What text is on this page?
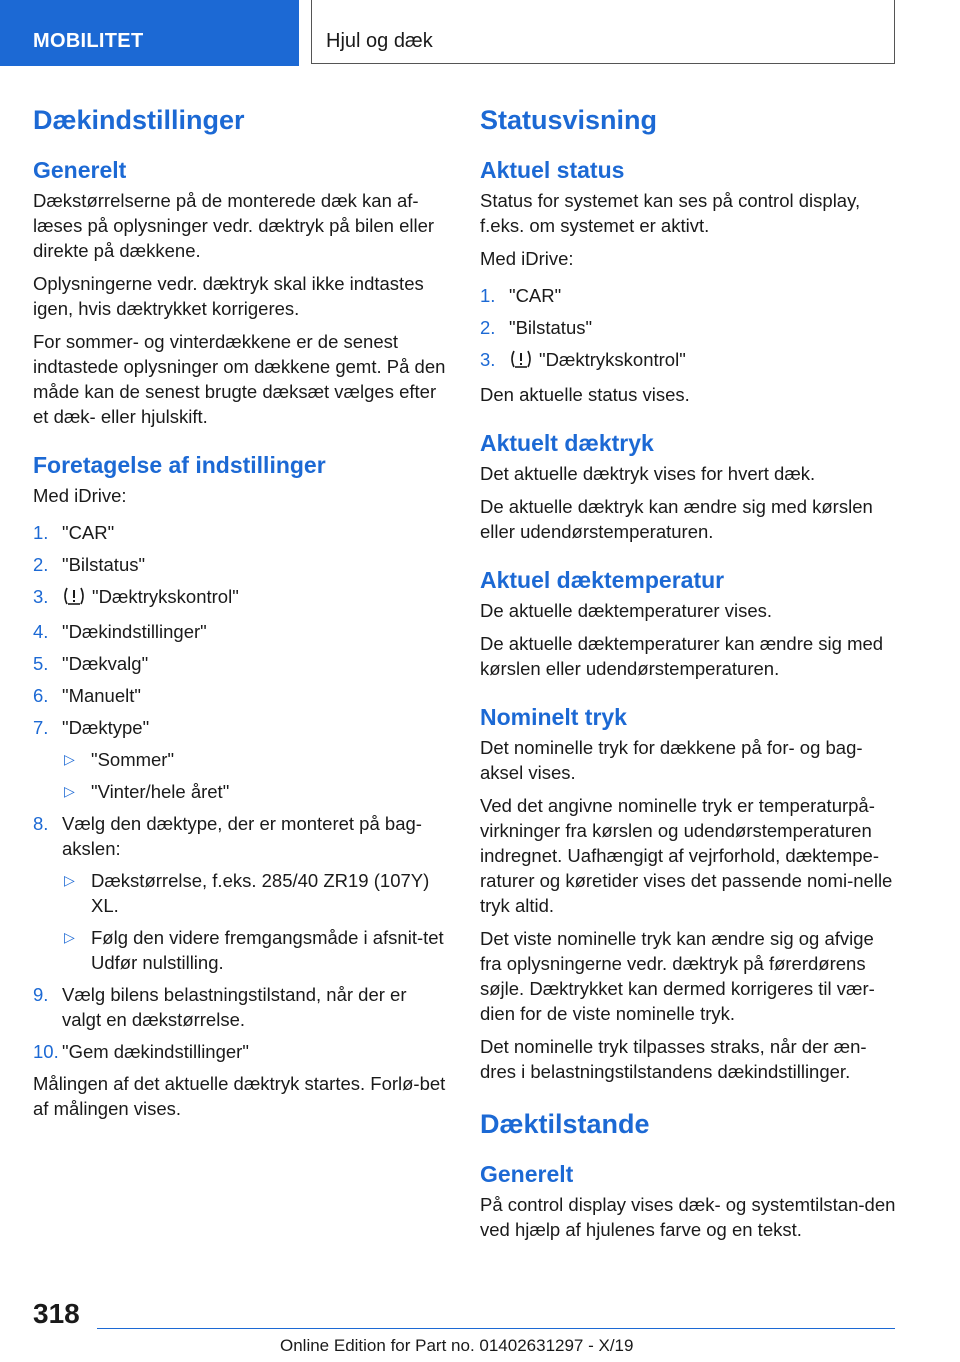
MOBILITET	Hjul og dæk
Dækindstillinger
Generelt

Dækstørrelserne på de monterede dæk kan af-læses på oplysninger vedr. dæktryk på bilen eller direkte på dækkene.

Oplysningerne vedr. dæktryk skal ikke indtastes igen, hvis dæktrykket korrigeres.

For sommer- og vinterdækkene er de senest indtastede oplysninger om dækkene gemt. På den måde kan de senest brugte dæksæt vælges efter et dæk- eller hjulskift.

Foretagelse af indstillinger

Med iDrive:

1. "CAR"
2. "Bilstatus"
3. "Dæktrykskontrol"
4. "Dækindstillinger"
5. "Dækvalg"
6. "Manuelt"
7. "Dæktype"
▷ "Sommer"
▷ "Vinter/hele året"
8. Vælg den dæktype, der er monteret på bag-akslen:
▷ Dækstørrelse, f.eks. 285/40 ZR19 (107Y) XL.
▷ Følg den videre fremgangsmåde i afsnit-tet Udfør nulstilling.
9. Vælg bilens belastningstilstand, når der er valgt en dækstørrelse.
10. "Gem dækindstillinger"

Målingen af det aktuelle dæktryk startes. Forlø-bet af målingen vises.

Statusvisning
Aktuel status

Status for systemet kan ses på control display, f.eks. om systemet er aktivt.

Med iDrive:

1. "CAR"
2. "Bilstatus"
3. "Dæktrykskontrol"

Den aktuelle status vises.

Aktuelt dæktryk

Det aktuelle dæktryk vises for hvert dæk.

De aktuelle dæktryk kan ændre sig med kørslen eller udendørstemperaturen.

Aktuel dæktemperatur

De aktuelle dæktemperaturer vises.

De aktuelle dæktemperaturer kan ændre sig med kørslen eller udendørstemperaturen.

Nominelt tryk

Det nominelle tryk for dækkene på for- og bag-aksel vises.

Ved det angivne nominelle tryk er temperaturpå-virkninger fra kørslen og udendørstemperaturen indregnet. Uafhængigt af vejrforhold, dæktempe-raturer og køretider vises det passende nomi-nelle tryk altid.

Det viste nominelle tryk kan ændre sig og afvige fra oplysningerne vedr. dæktryk på førerdørens søjle. Dæktrykket kan dermed korrigeres til vær-dien for de viste nominelle tryk.

Det nominelle tryk tilpasses straks, når der æn-dres i belastningstilstandens dækindstillinger.

Dæktilstande
Generelt

På control display vises dæk- og systemtilstan-den ved hjælp af hjulenes farve og en tekst.

318
Online Edition for Part no. 01402631297 - X/19
